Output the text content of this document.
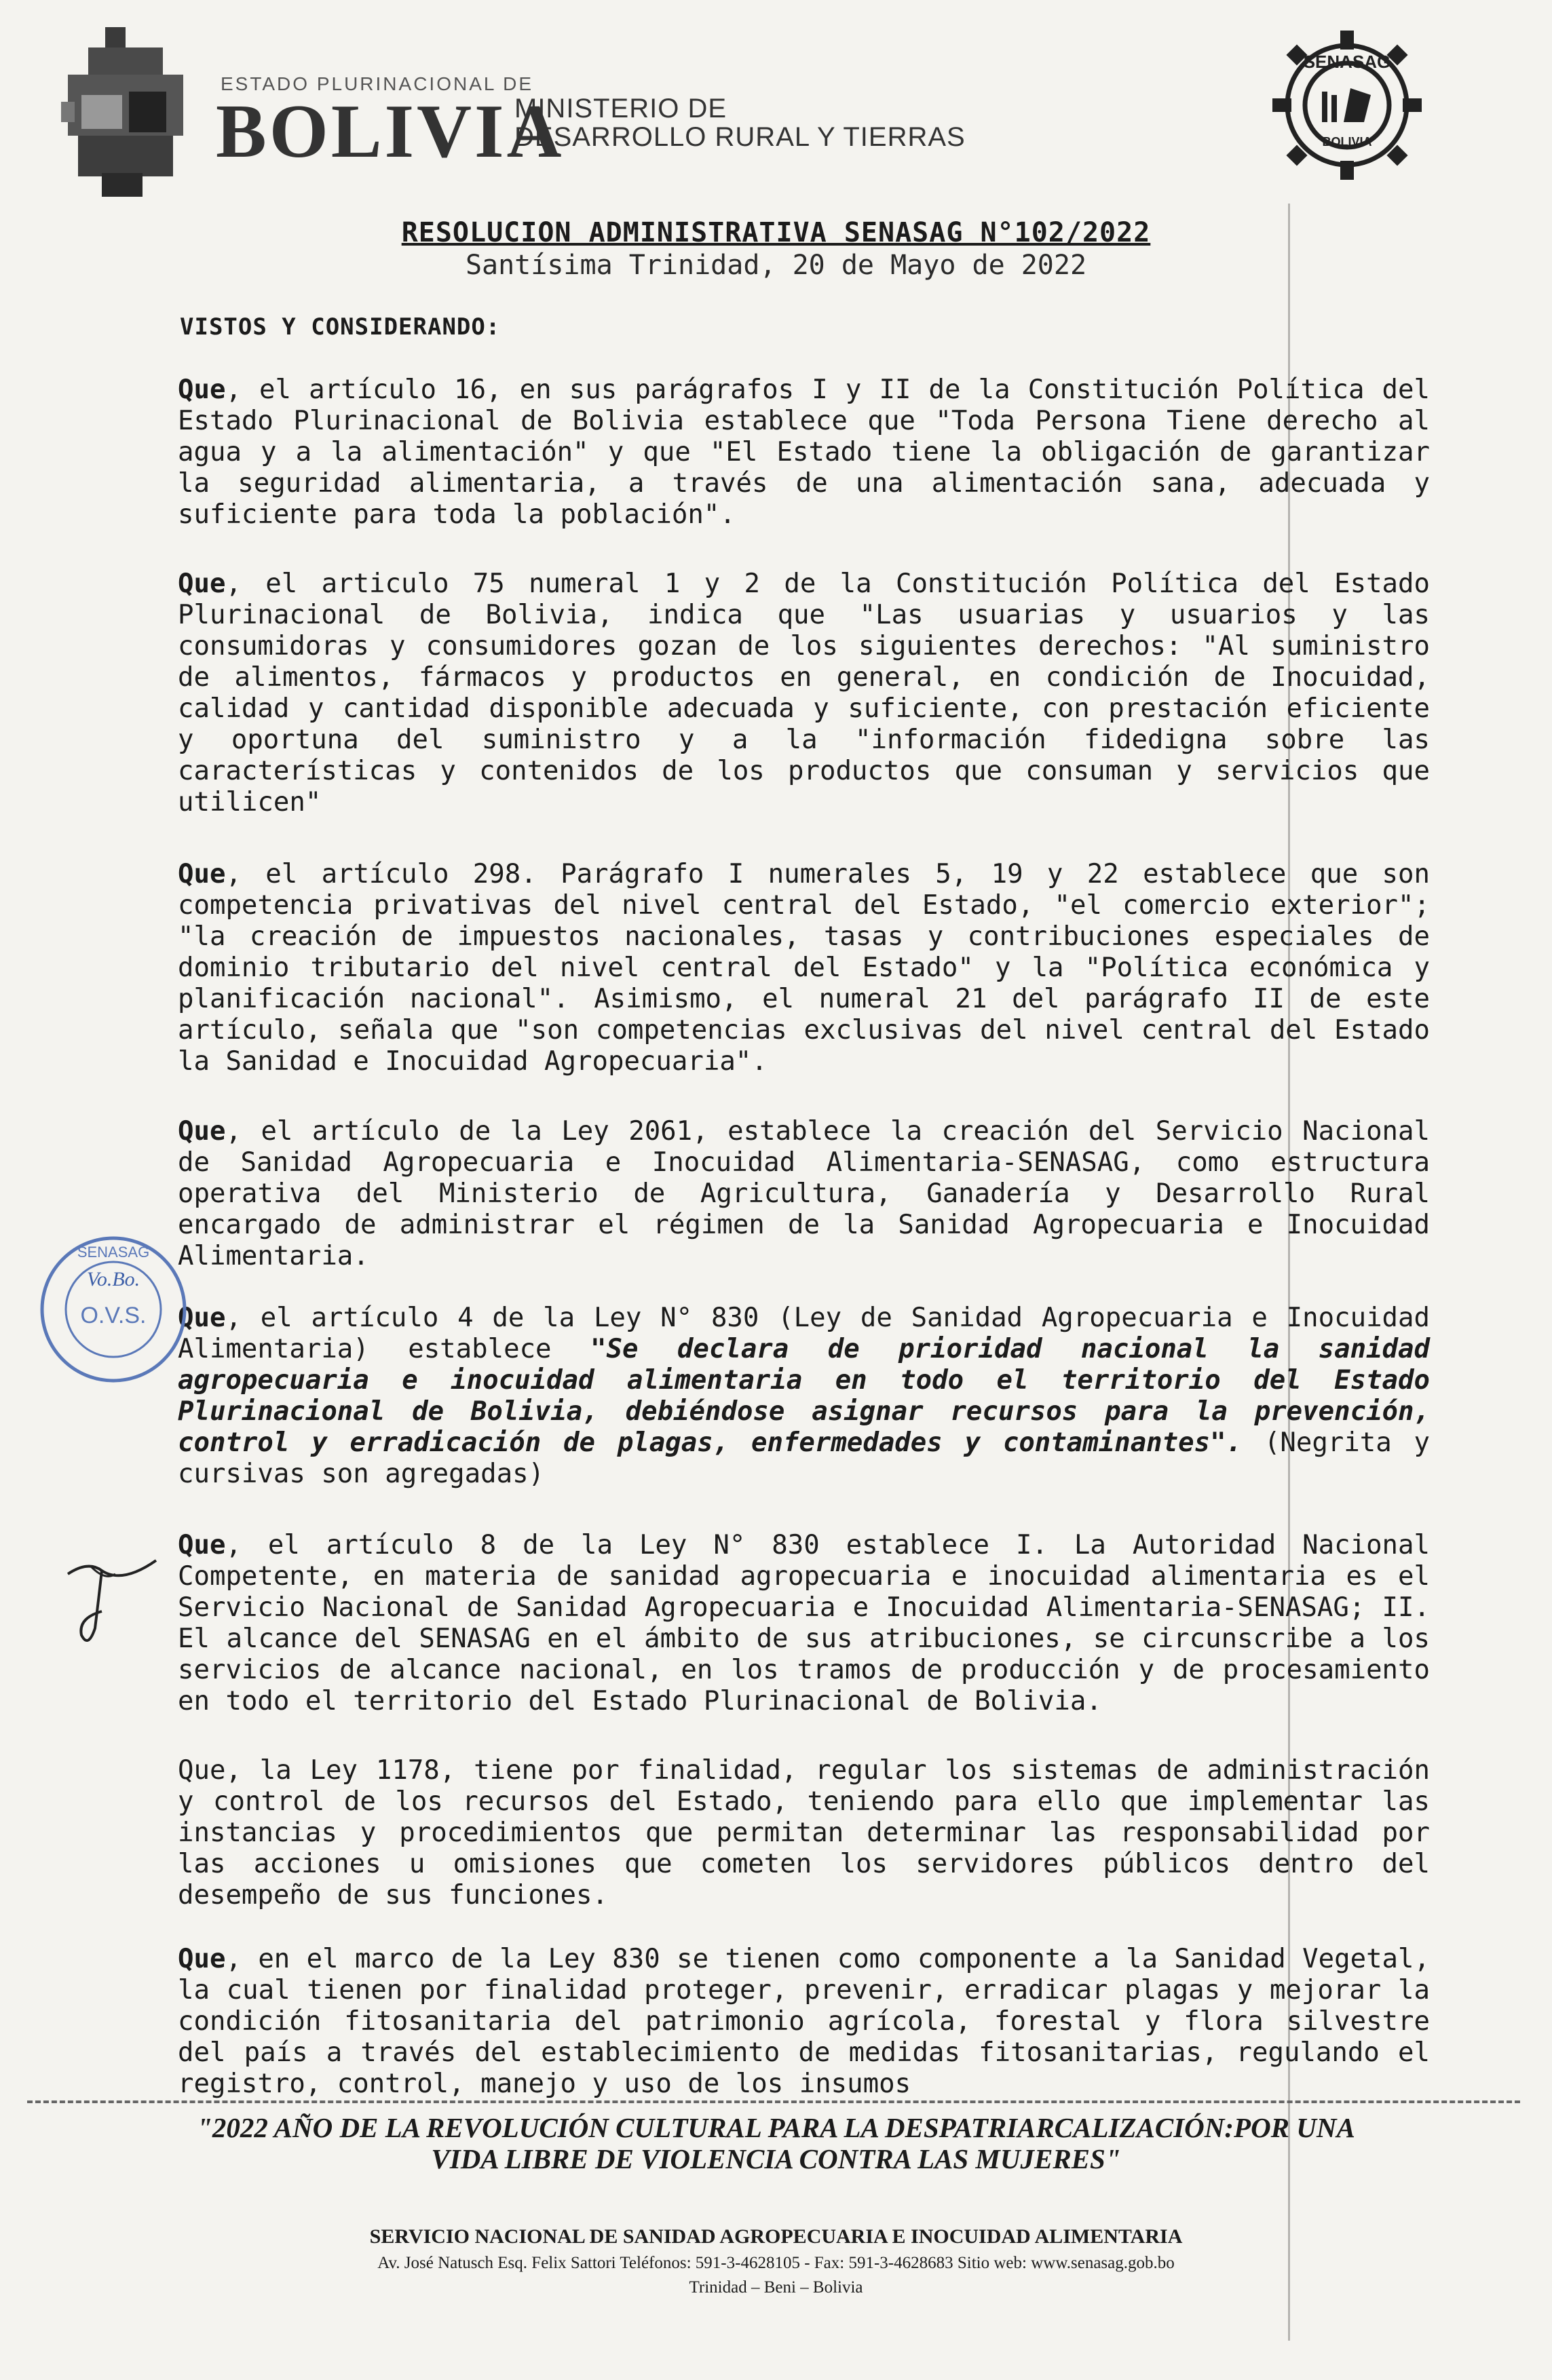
ESTADO PLURINACIONAL DE
BOLIVIA
MINISTERIO DE
DESARROLLO RURAL Y TIERRAS
SENASAG
BOLIVIA
RESOLUCION ADMINISTRATIVA SENASAG N°102/2022
Santísima Trinidad, 20 de Mayo de 2022
VISTOS Y CONSIDERANDO:
Que, el artículo 16, en sus parágrafos I y II de la Constitución Política del Estado Plurinacional de Bolivia establece que "Toda Persona Tiene derecho al agua y a la alimentación" y que "El Estado tiene la obligación de garantizar la seguridad alimentaria, a través de una alimentación sana, adecuada y suficiente para toda la población".
Que, el articulo 75 numeral 1 y 2 de la Constitución Política del Estado Plurinacional de Bolivia, indica que "Las usuarias y usuarios y las consumidoras y consumidores gozan de los siguientes derechos: "Al suministro de alimentos, fármacos y productos en general, en condición de Inocuidad, calidad y cantidad disponible adecuada y suficiente, con prestación eficiente y oportuna del suministro y a la "información fidedigna sobre las características y contenidos de los productos que consuman y servicios que utilicen"
Que, el artículo 298. Parágrafo I numerales 5, 19 y 22 establece que son competencia privativas del nivel central del Estado, "el comercio exterior"; "la creación de impuestos nacionales, tasas y contribuciones especiales de dominio tributario del nivel central del Estado" y la "Política económica y planificación nacional". Asimismo, el numeral 21 del parágrafo II de este artículo, señala que "son competencias exclusivas del nivel central del Estado la Sanidad e Inocuidad Agropecuaria".
Que, el artículo de la Ley 2061, establece la creación del Servicio Nacional de Sanidad Agropecuaria e Inocuidad Alimentaria-SENASAG, como estructura operativa del Ministerio de Agricultura, Ganadería y Desarrollo Rural encargado de administrar el régimen de la Sanidad Agropecuaria e Inocuidad Alimentaria.
Que, el artículo 4 de la Ley N° 830 (Ley de Sanidad Agropecuaria e Inocuidad Alimentaria) establece "Se declara de prioridad nacional la sanidad agropecuaria e inocuidad alimentaria en todo el territorio del Estado Plurinacional de Bolivia, debiéndose asignar recursos para la prevención, control y erradicación de plagas, enfermedades y contaminantes". (Negrita y cursivas son agregadas)
Que, el artículo 8 de la Ley N° 830 establece I. La Autoridad Nacional Competente, en materia de sanidad agropecuaria e inocuidad alimentaria es el Servicio Nacional de Sanidad Agropecuaria e Inocuidad Alimentaria-SENASAG; II. El alcance del SENASAG en el ámbito de sus atribuciones, se circunscribe a los servicios de alcance nacional, en los tramos de producción y de procesamiento en todo el territorio del Estado Plurinacional de Bolivia.
Que, la Ley 1178, tiene por finalidad, regular los sistemas de administración y control de los recursos del Estado, teniendo para ello que implementar las instancias y procedimientos que permitan determinar las responsabilidad por las acciones u omisiones que cometen los servidores públicos dentro del desempeño de sus funciones.
Que, en el marco de la Ley 830 se tienen como componente a la Sanidad Vegetal, la cual tienen por finalidad proteger, prevenir, erradicar plagas y mejorar la condición fitosanitaria del patrimonio agrícola, forestal y flora silvestre del país a través del establecimiento de medidas fitosanitarias, regulando el registro, control, manejo y uso de los insumos
SENASAG
Vo.Bo.
O.V.S.
"2022 AÑO DE LA REVOLUCIÓN CULTURAL PARA LA DESPATRIARCALIZACIÓN:POR UNA
VIDA LIBRE DE VIOLENCIA CONTRA LAS MUJERES"
SERVICIO NACIONAL DE SANIDAD AGROPECUARIA E INOCUIDAD ALIMENTARIA
Av. José Natusch Esq. Felix Sattori Teléfonos: 591-3-4628105 - Fax: 591-3-4628683 Sitio web: www.senasag.gob.bo
Trinidad – Beni – Bolivia
